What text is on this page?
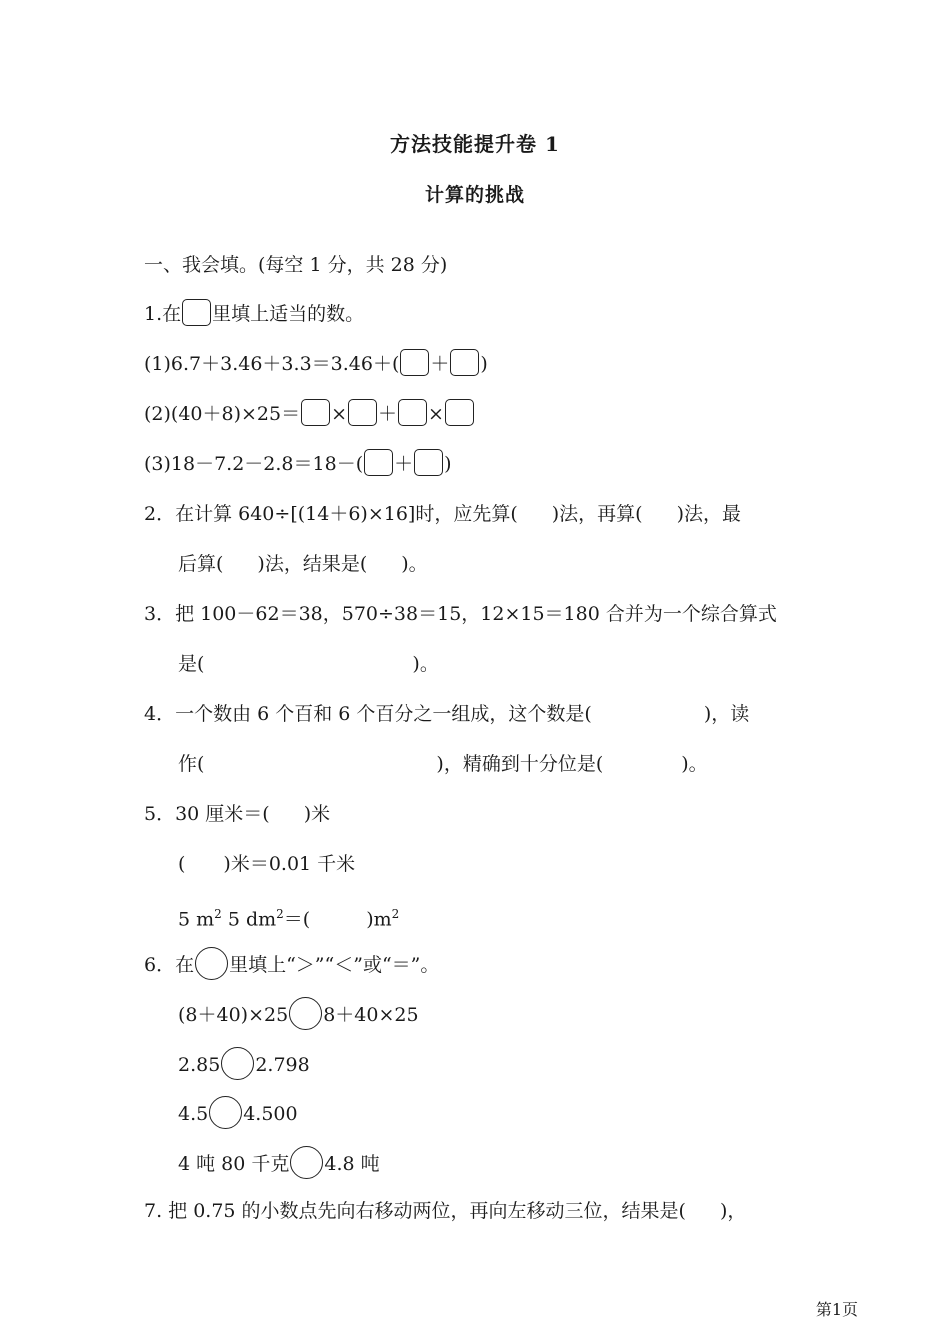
方法技能提升卷 1
计算的挑战
一、我会填。(每空 1 分，共 28 分)
1.在 里填上适当的数。
(1)6.7＋3.46＋3.3＝3.46＋( ＋ )
(2)(40＋8)×25＝ × ＋ ×
(3)18－7.2－2.8＝18－( ＋ )
2．在计算 640÷[(14＋6)×16]时，应先算( )法，再算( )法，最
后算( )法，结果是( )。
3．把 100－62＝38，570÷38＝15，12×15＝180 合并为一个综合算式
是(	)。
4．一个数由 6 个百和 6 个百分之一组成，这个数是(	)，读
作(	)，精确到十分位是(	)。
5．30 厘米＝( )米
( )米＝0.01 千米
5 $m^2$ 5 $dm^2=$(	)$m^2$
6．在 里填上“＞”“＜”或“＝”。
(8＋40)×25 8＋40×25
2.85 2.798
4.5 4.500
4 吨 80 千克 4.8 吨
7. 把 0.75 的小数点先向右移动两位，再向左移动三位，结果是( )，
第1页
